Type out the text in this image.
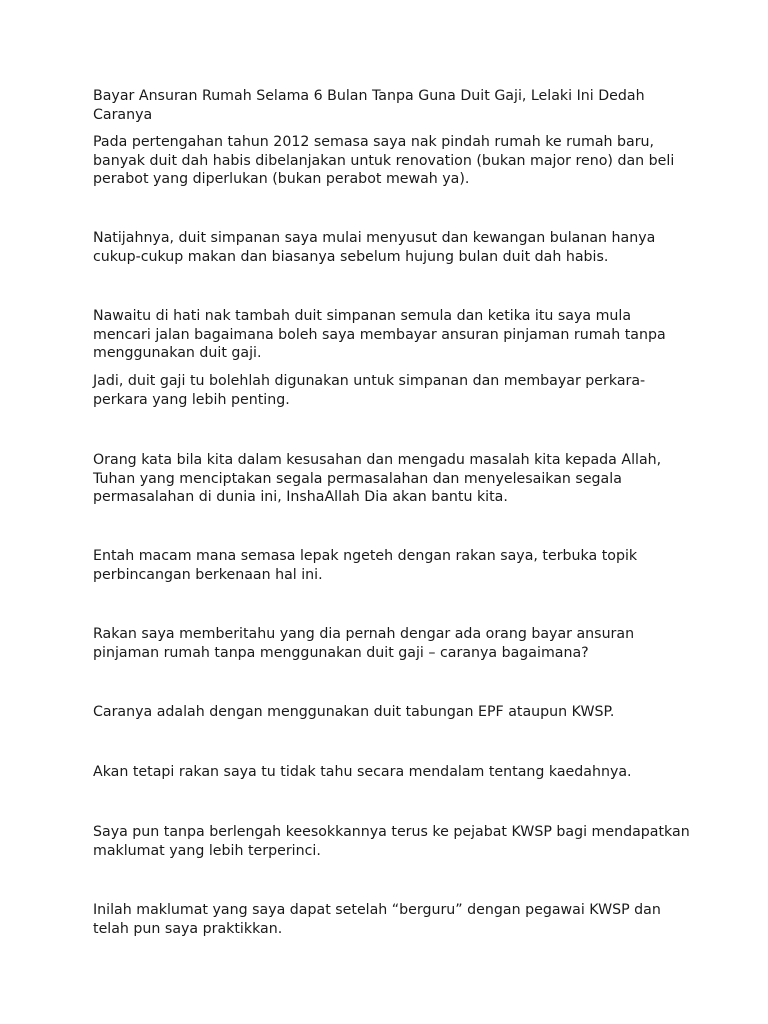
Bayar Ansuran Rumah Selama 6 Bulan Tanpa Guna Duit Gaji, Lelaki Ini Dedah Caranya

Pada pertengahan tahun 2012 semasa saya nak pindah rumah ke rumah baru, banyak duit dah habis dibelanjakan untuk renovation (bukan major reno) dan beli perabot yang diperlukan (bukan perabot mewah ya).

Natijahnya, duit simpanan saya mulai menyusut dan kewangan bulanan hanya cukup-cukup makan dan biasanya sebelum hujung bulan duit dah habis.

Nawaitu di hati nak tambah duit simpanan semula dan ketika itu saya mula mencari jalan bagaimana boleh saya membayar ansuran pinjaman rumah tanpa menggunakan duit gaji.

Jadi, duit gaji tu bolehlah digunakan untuk simpanan dan membayar perkara-perkara yang lebih penting.

Orang kata bila kita dalam kesusahan dan mengadu masalah kita kepada Allah, Tuhan yang menciptakan segala permasalahan dan menyelesaikan segala permasalahan di dunia ini, InshaAllah Dia akan bantu kita.

Entah macam mana semasa lepak ngeteh dengan rakan saya, terbuka topik perbincangan berkenaan hal ini.

Rakan saya memberitahu yang dia pernah dengar ada orang bayar ansuran pinjaman rumah tanpa menggunakan duit gaji – caranya bagaimana?

Caranya adalah dengan menggunakan duit tabungan EPF ataupun KWSP.

Akan tetapi rakan saya tu tidak tahu secara mendalam tentang kaedahnya.

Saya pun tanpa berlengah keesokkannya terus ke pejabat KWSP bagi mendapatkan maklumat yang lebih terperinci.

Inilah maklumat yang saya dapat setelah “berguru” dengan pegawai KWSP dan telah pun saya praktikkan.
